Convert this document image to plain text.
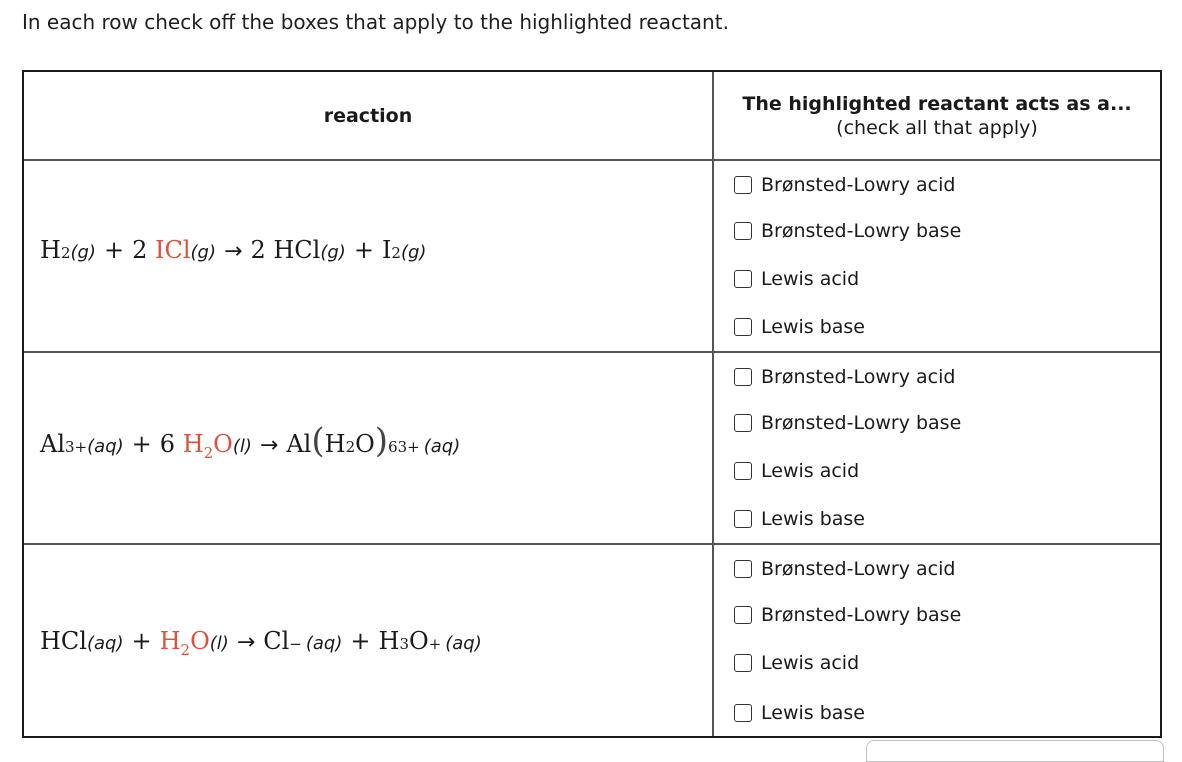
In each row check off the boxes that apply to the highlighted reactant.
reaction
The highlighted reactant acts as a...
(check all that apply)
H 2 (g) + 2
ICl (g) → 2
HCl (g) + I 2 (g)
Al 3+ (aq) + 6
$H_2O$ (l) → Al ( H 2 O ) 6 3+ (aq)
HCl $(aq) + H_2O$ (l) → Cl − (aq) + H 3 O + (aq)
Brønsted-Lowry acid
Brønsted-Lowry base
Lewis acid
Lewis base
Brønsted-Lowry acid
Brønsted-Lowry base
Lewis acid
Lewis base
Brønsted-Lowry acid
Brønsted-Lowry base
Lewis acid
Lewis base
